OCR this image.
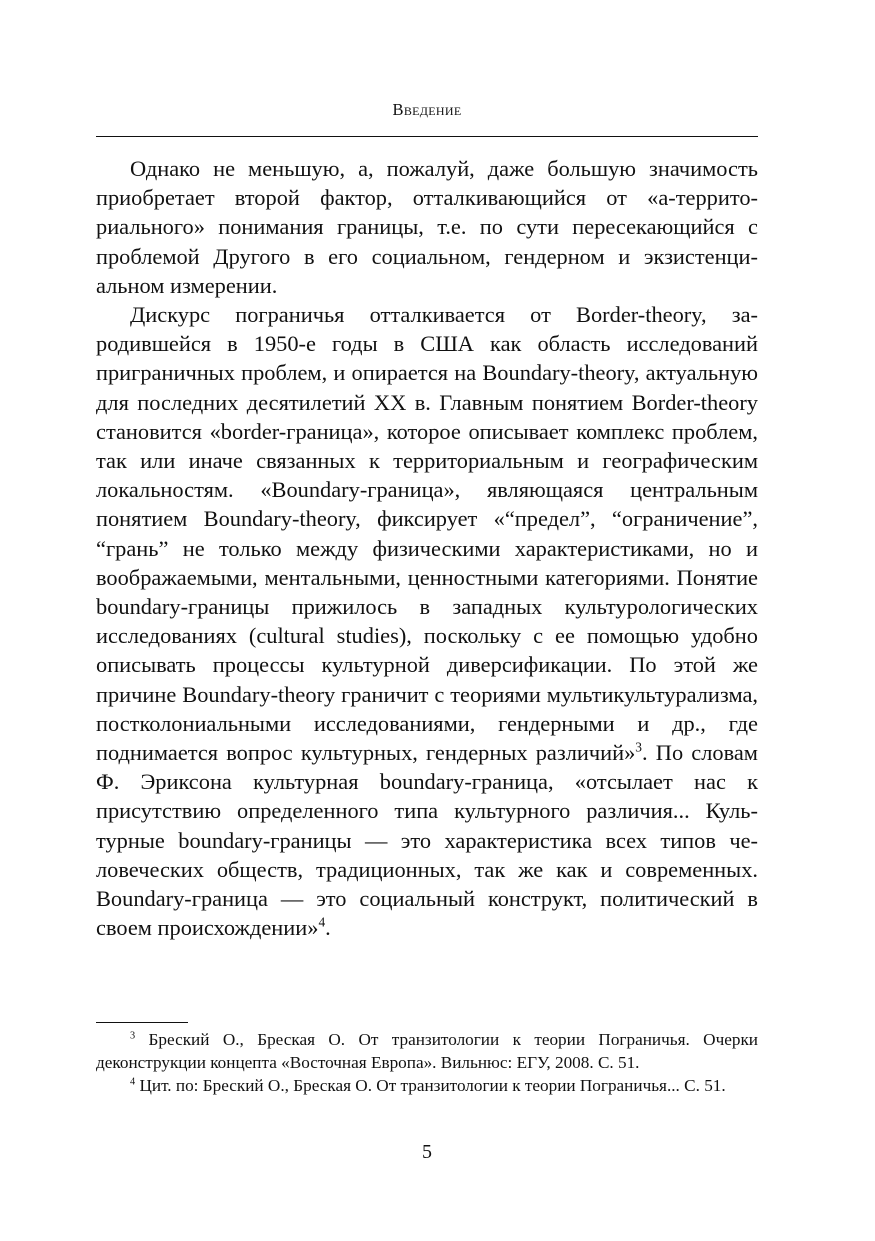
Введение

Однако не меньшую, а, пожалуй, даже большую значимость приобретает второй фактор, отталкивающийся от «а-территориального» понимания границы, т.е. по сути пересекающийся с проблемой Другого в его социальном, гендерном и экзистенциальном измерении.

Дискурс пограничья отталкивается от Border-theory, зародившейся в 1950-е годы в США как область исследований приграничных проблем, и опирается на Boundary-theory, актуальную для последних десятилетий XX в. Главным понятием Border-theory становится «border-граница», которое описывает комплекс проблем, так или иначе связанных к территориальным и географическим локальностям. «Boundary-граница», являющаяся центральным понятием Boundary-theory, фиксирует «“предел”, “ограничение”, “грань” не только между физическими характеристиками, но и воображаемыми, ментальными, ценностными категориями. Понятие boundary-границы прижилось в западных культурологических исследованиях (cultural studies), поскольку с ее помощью удобно описывать процессы культурной диверсификации. По этой же причине Boundary-theory граничит с теориями мультикультурализма, постколониальными исследованиями, гендерными и др., где поднимается вопрос культурных, гендерных различий»$^3$. По словам Ф. Эриксона культурная boundary-граница, «отсылает нас к присутствию определенного типа культурного различия... Культурные boundary-границы — это характеристика всех типов человеческих обществ, традиционных, так же как и современных. Boundary-граница — это социальный конструкт, политический в своем происхождении»$^4$.

$^3$ Бреский О., Бреская О. От транзитологии к теории Пограничья. Очерки деконструкции концепта «Восточная Европа». Вильнюс: ЕГУ, 2008. С. 51.

$^4$ Цит. по: Бреский О., Бреская О. От транзитологии к теории Пограничья... С. 51.

5
